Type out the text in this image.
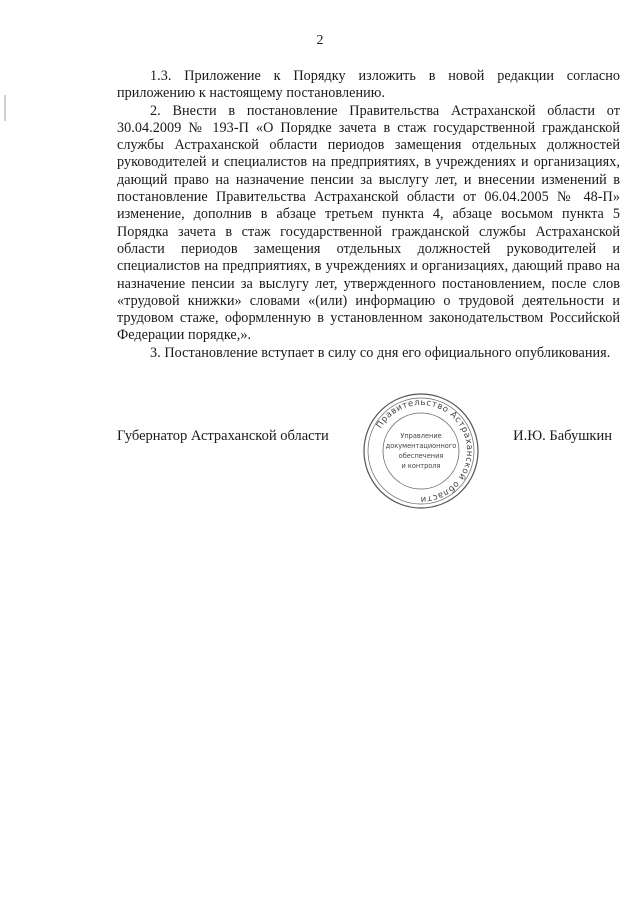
2

1.3. Приложение к Порядку изложить в новой редакции согласно приложению к настоящему постановлению.

2. Внести в постановление Правительства Астраханской области от 30.04.2009 № 193-П «О Порядке зачета в стаж государственной гражданской службы Астраханской области периодов замещения отдельных должностей руководителей и специалистов на предприятиях, в учреждениях и организациях, дающий право на назначение пенсии за выслугу лет, и внесении изменений в постановление Правительства Астраханской области от 06.04.2005 № 48-П» изменение, дополнив в абзаце третьем пункта 4, абзаце восьмом пункта 5 Порядка зачета в стаж государственной гражданской службы Астраханской области периодов замещения отдельных должностей руководителей и специалистов на предприятиях, в учреждениях и организациях, дающий право на назначение пенсии за выслугу лет, утвержденного постановлением, после слов «трудовой книжки» словами «(или) информацию о трудовой деятельности и трудовом стаже, оформленную в установленном законодательством Российской Федерации порядке,».

3. Постановление вступает в силу со дня его официального опубликования.

Губернатор Астраханской области	И.Ю. Бабушкин
Правительство Астраханской области
Управление
документационного
обеспечения
и контроля
